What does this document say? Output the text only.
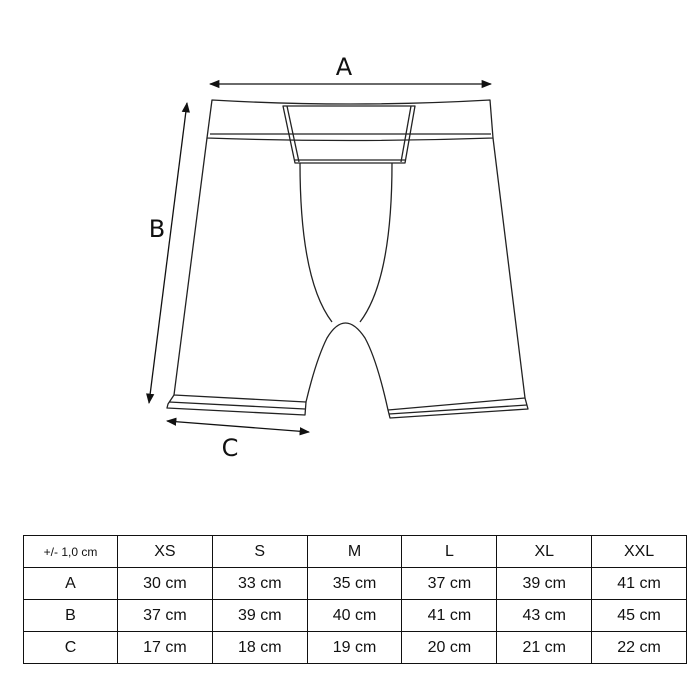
A
B
C
+/- 1,0 cm	XS	S	M	L	XL	XXL
A	30 cm	33 cm	35 cm	37 cm	39 cm	41 cm
B	37 cm	39 cm	40 cm	41 cm	43 cm	45 cm
C	17 cm	18 cm	19 cm	20 cm	21 cm	22 cm
